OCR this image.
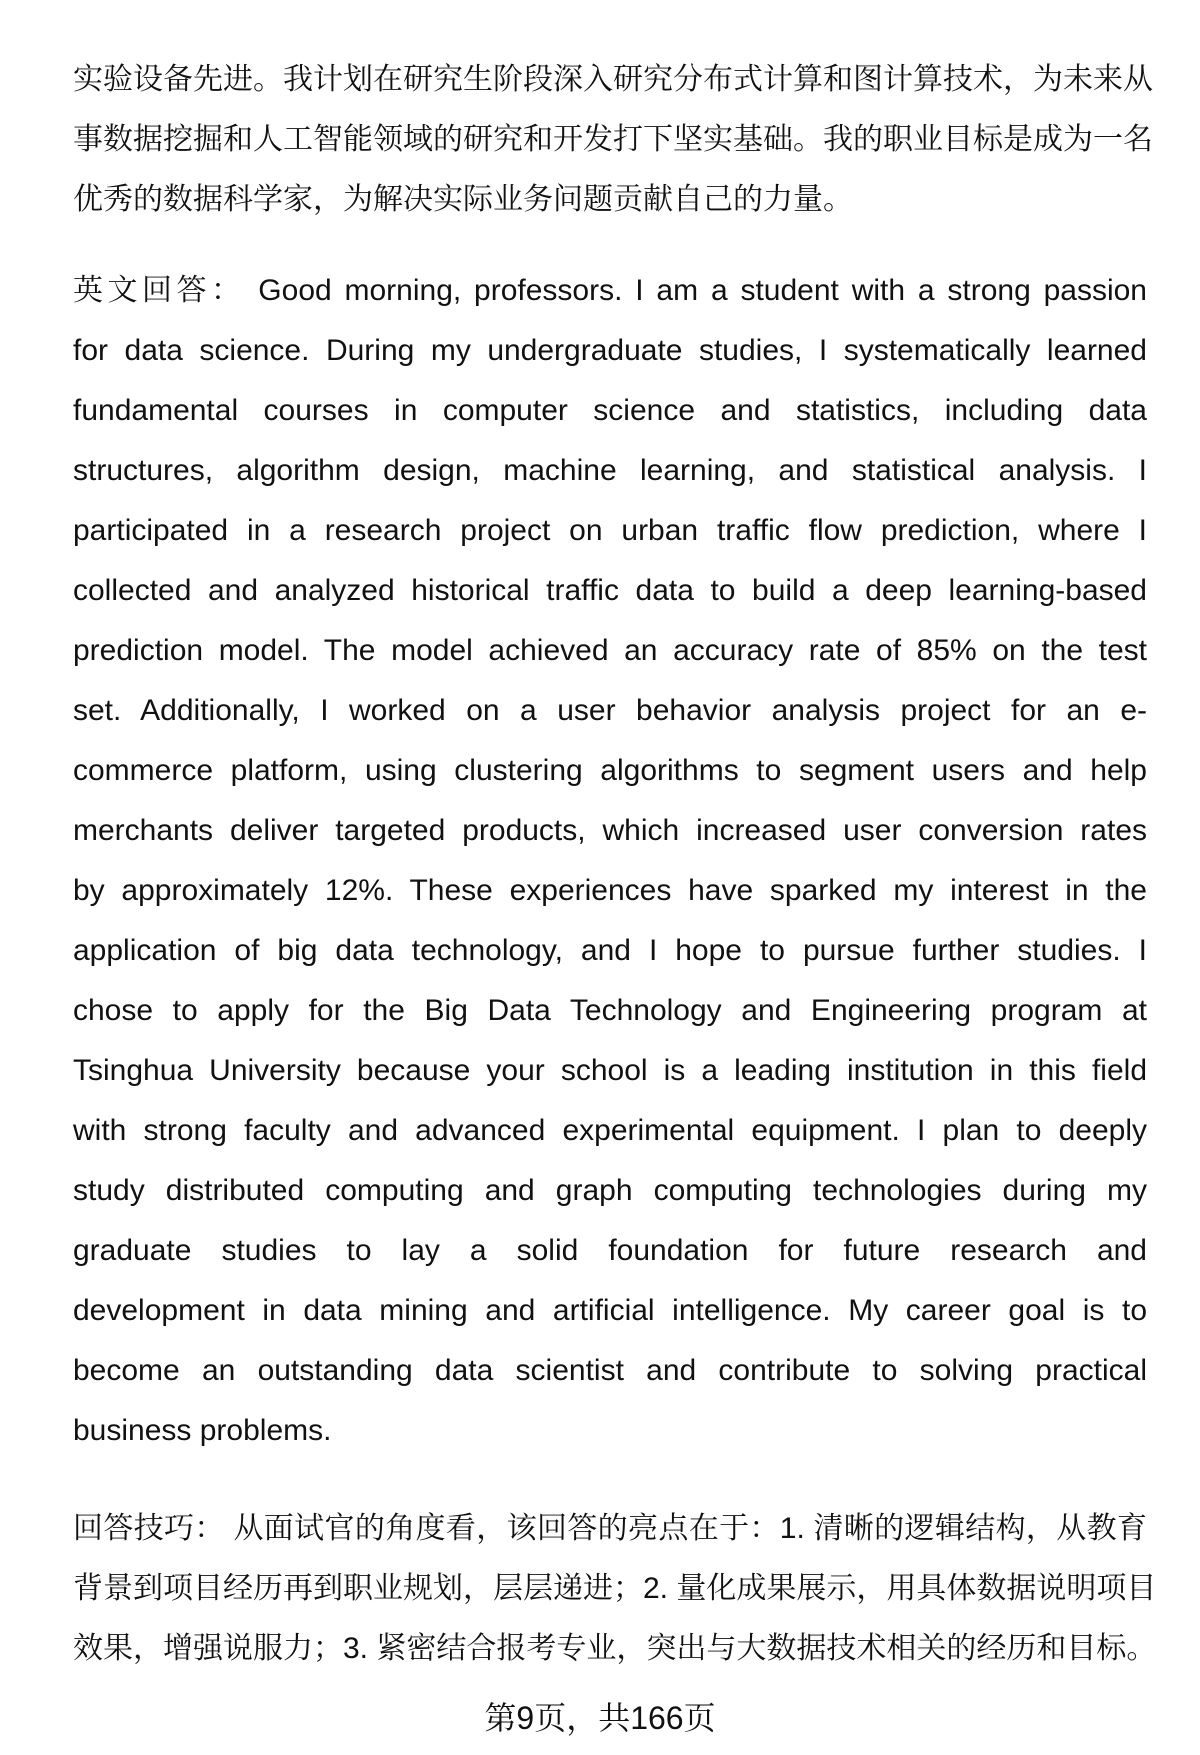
实验设备先进。我计划在研究生阶段深入研究分布式计算和图计算技术，为未来从
事数据挖掘和人工智能领域的研究和开发打下坚实基础。我的职业目标是成为一名
优秀的数据科学家，为解决实际业务问题贡献自己的力量。
英文回答： Good morning, professors. I am a student with a strong passion
for data science. During my undergraduate studies, I systematically learned
fundamental courses in computer science and statistics, including data
structures, algorithm design, machine learning, and statistical analysis. I
participated in a research project on urban traffic flow prediction, where I
collected and analyzed historical traffic data to build a deep learning-based
prediction model. The model achieved an accuracy rate of 85% on the test
set. Additionally, I worked on a user behavior analysis project for an e-
commerce platform, using clustering algorithms to segment users and help
merchants deliver targeted products, which increased user conversion rates
by approximately 12%. These experiences have sparked my interest in the
application of big data technology, and I hope to pursue further studies. I
chose to apply for the Big Data Technology and Engineering program at
Tsinghua University because your school is a leading institution in this field
with strong faculty and advanced experimental equipment. I plan to deeply
study distributed computing and graph computing technologies during my
graduate studies to lay a solid foundation for future research and
development in data mining and artificial intelligence. My career goal is to
become an outstanding data scientist and contribute to solving practical
business problems.
回答技巧： 从面试官的角度看，该回答的亮点在于：1. 清晰的逻辑结构，从教育
背景到项目经历再到职业规划，层层递进；2. 量化成果展示，用具体数据说明项目
效果，增强说服力；3. 紧密结合报考专业，突出与大数据技术相关的经历和目标。
第9页，共166页
